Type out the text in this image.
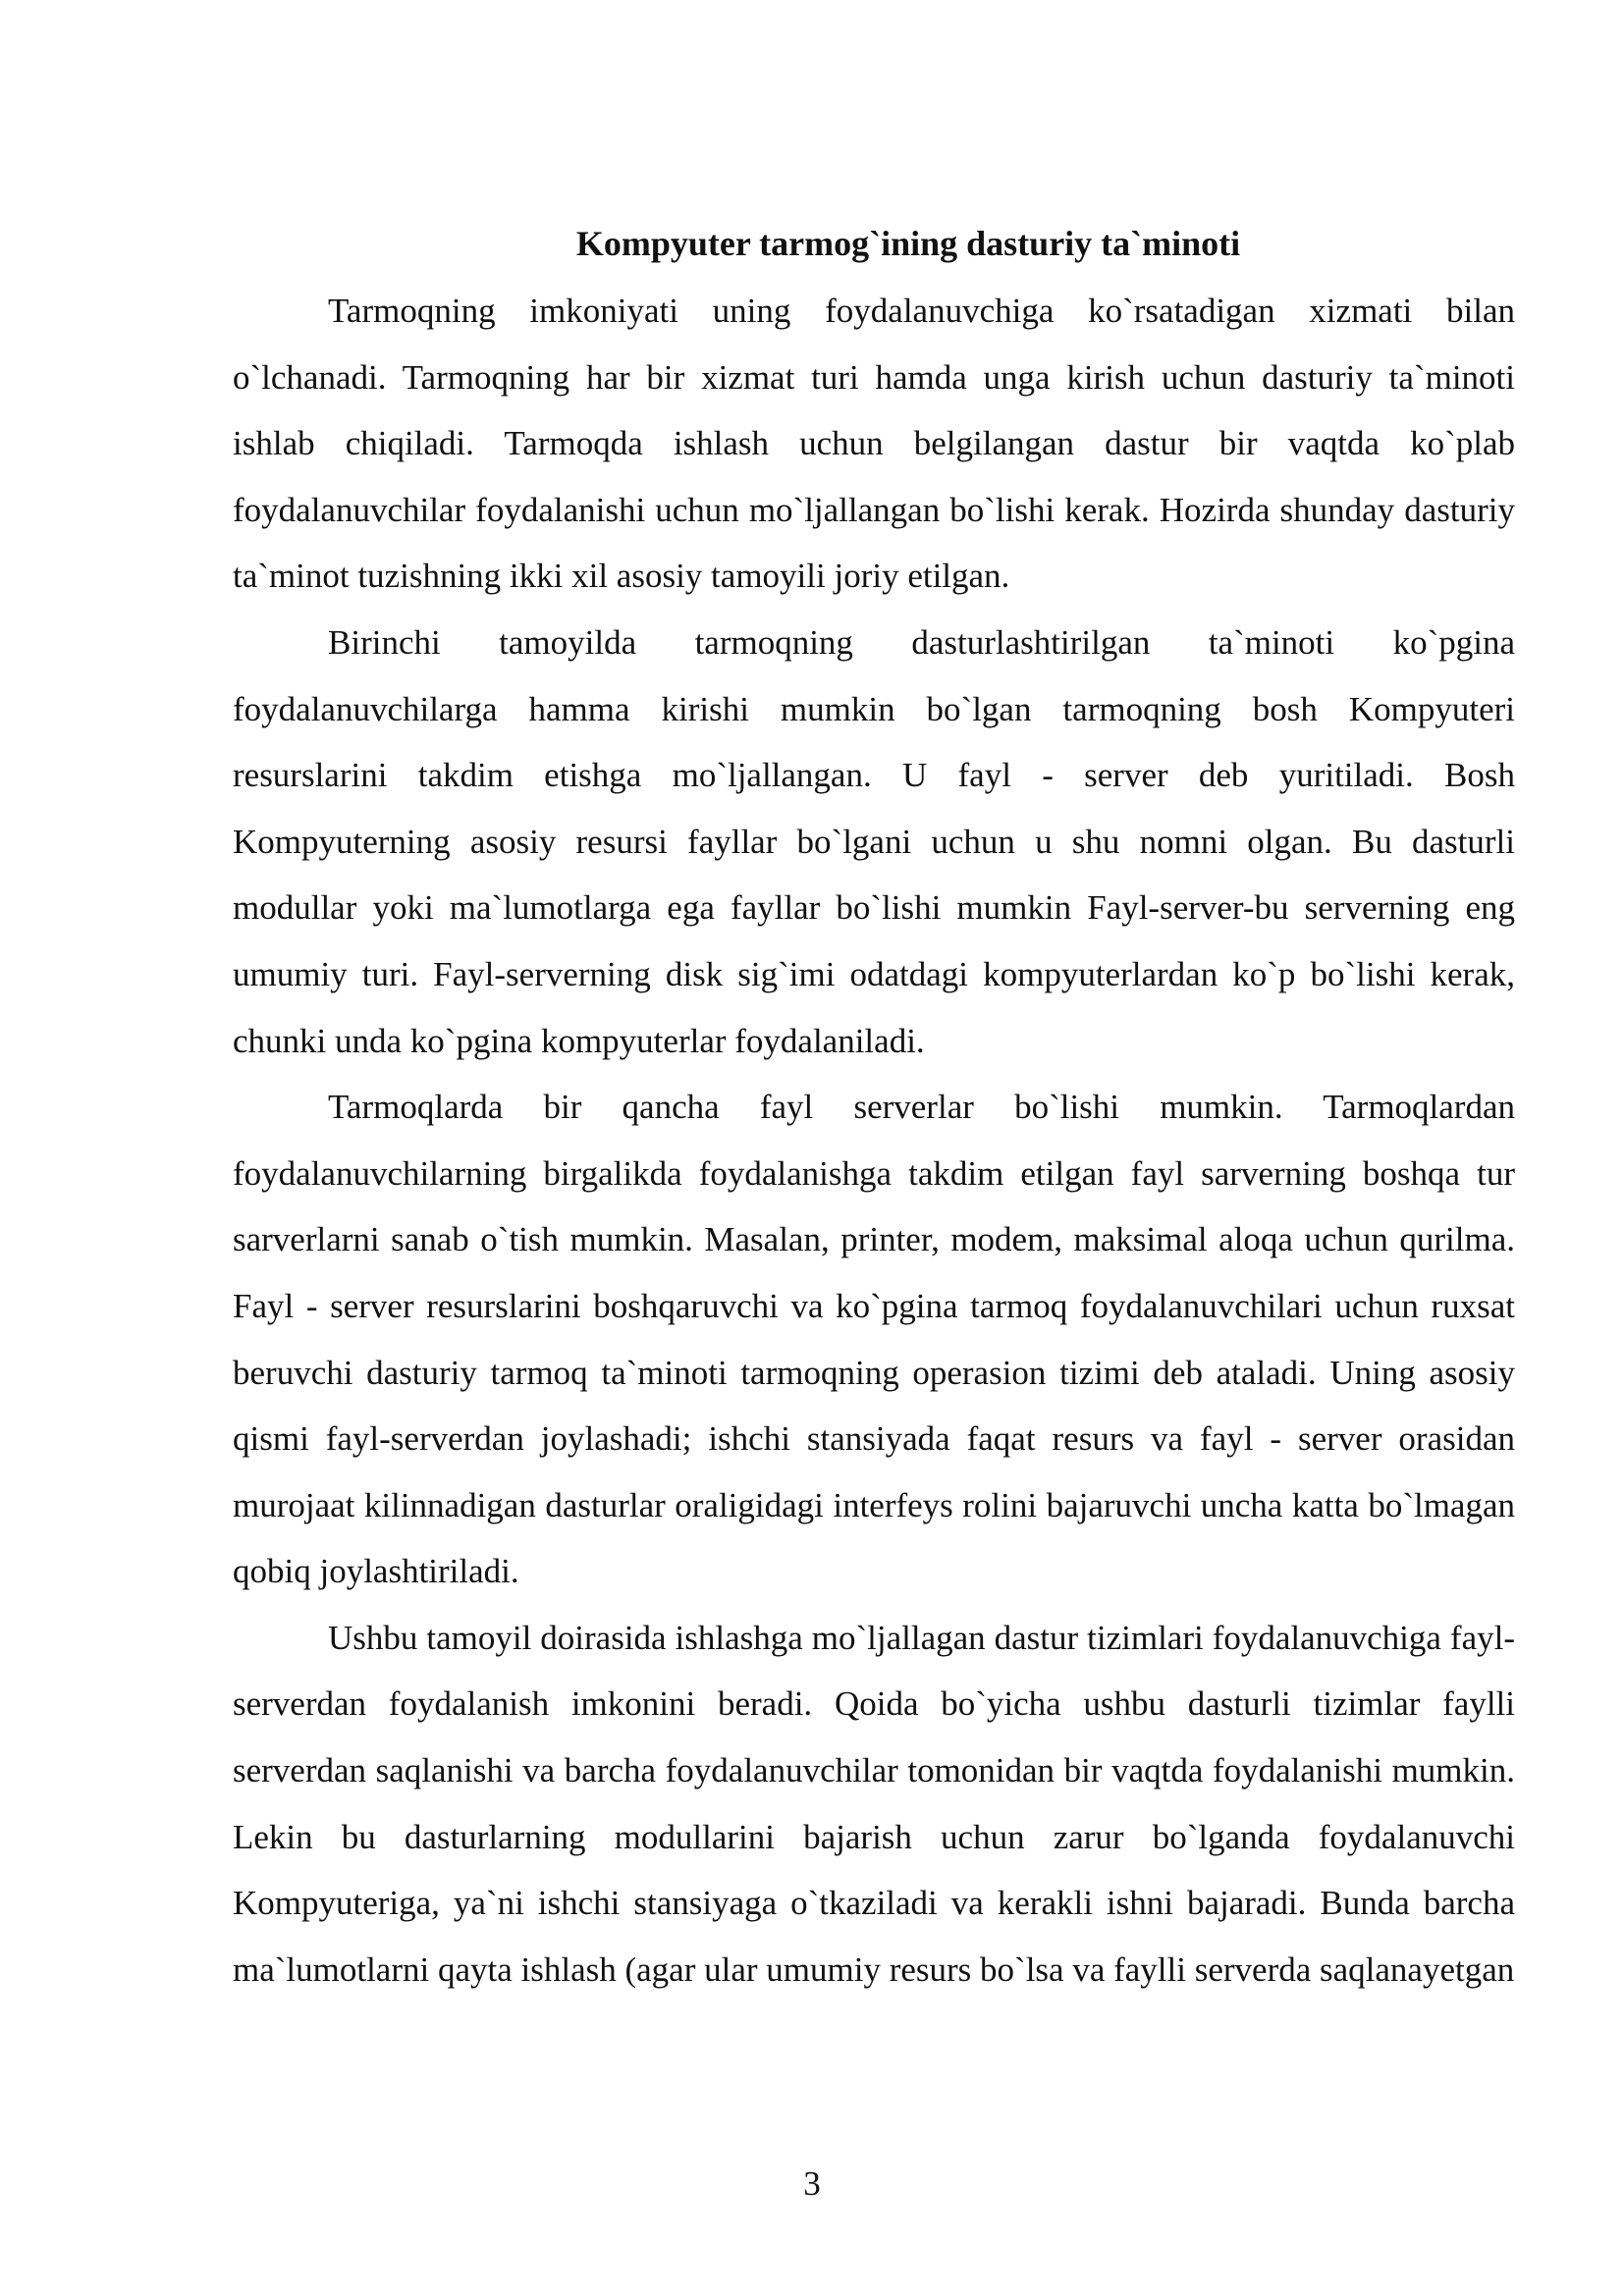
Kompyuter tarmog`ining dasturiy ta`minoti

Tarmoqning imkoniyati uning foydalanuvchiga ko`rsatadigan xizmati bilan o`lchanadi. Tarmoqning har bir xizmat turi hamda unga kirish uchun dasturiy ta`minoti ishlab chiqiladi. Tarmoqda ishlash uchun belgilangan dastur bir vaqtda ko`plab foydalanuvchilar foydalanishi uchun mo`ljallangan bo`lishi kerak. Hozirda shunday dasturiy ta`minot tuzishning ikki xil asosiy tamoyili joriy etilgan.

Birinchi tamoyilda tarmoqning dasturlashtirilgan ta`minoti ko`pgina foydalanuvchilarga hamma kirishi mumkin bo`lgan tarmoqning bosh Kompyuteri resurslarini takdim etishga mo`ljallangan. U fayl - server deb yuritiladi. Bosh Kompyuterning asosiy resursi fayllar bo`lgani uchun u shu nomni olgan. Bu dasturli modullar yoki ma`lumotlarga ega fayllar bo`lishi mumkin Fayl-server-bu serverning eng umumiy turi. Fayl-serverning disk sig`imi odatdagi kompyuterlardan ko`p bo`lishi kerak, chunki unda ko`pgina kompyuterlar foydalaniladi.

Tarmoqlarda bir qancha fayl serverlar bo`lishi mumkin. Tarmoqlardan foydalanuvchilarning birgalikda foydalanishga takdim etilgan fayl sarverning boshqa tur sarverlarni sanab o`tish mumkin. Masalan, printer, modem, maksimal aloqa uchun qurilma. Fayl - server resurslarini boshqaruvchi va ko`pgina tarmoq foydalanuvchilari uchun ruxsat beruvchi dasturiy tarmoq ta`minoti tarmoqning operasion tizimi deb ataladi. Uning asosiy qismi fayl-serverdan joylashadi; ishchi stansiyada faqat resurs va fayl - server orasidan murojaat kilinnadigan dasturlar oraligidagi interfeys rolini bajaruvchi uncha katta bo`lmagan qobiq joylashtiriladi.

Ushbu tamoyil doirasida ishlashga mo`ljallagan dastur tizimlari foydalanuvchiga fayl-serverdan foydalanish imkonini beradi. Qoida bo`yicha ushbu dasturli tizimlar faylli serverdan saqlanishi va barcha foydalanuvchilar tomonidan bir vaqtda foydalanishi mumkin. Lekin bu dasturlarning modullarini bajarish uchun zarur bo`lganda foydalanuvchi Kompyuteriga, ya`ni ishchi stansiyaga o`tkaziladi va kerakli ishni bajaradi. Bunda barcha ma`lumotlarni qayta ishlash (agar ular umumiy resurs bo`lsa va faylli serverda saqlanayetgan

3
